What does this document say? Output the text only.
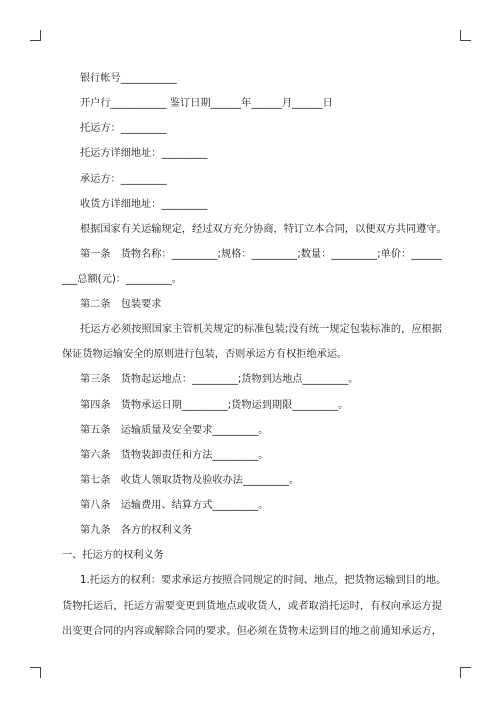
银行帐号___________
开户行___________ 鉴订日期______年______月______日
托运方：_________
托运方详细地址：_________
承运方：_________
收货方详细地址：_________
根据国家有关运输规定，经过双方充分协商，特订立本合同，以便双方共同遵守。
第一条　货物名称：_________;规格：_________;数量：_________;单价：______
___总额(元)：_________。
第二条　包装要求
托运方必须按照国家主管机关规定的标准包装;没有统一规定包装标准的，应根据
保证货物运输安全的原则进行包装，否则承运方有权拒绝承运。
第三条　货物起运地点：_________;货物到达地点_________。
第四条　货物承运日期_________;货物运到期限_________。
第五条　运输质量及安全要求_________。
第六条　货物装卸责任和方法_________。
第七条　收货人领取货物及验收办法_________。
第八条　运输费用、结算方式_________。
第九条　各方的权利义务
一、托运方的权利义务
1.托运方的权利：要求承运方按照合同规定的时间、地点，把货物运输到目的地。
货物托运后，托运方需要变更到货地点或收货人，或者取消托运时，有权向承运方提
出变更合同的内容或解除合同的要求。但必须在货物未运到目的地之前通知承运方，
